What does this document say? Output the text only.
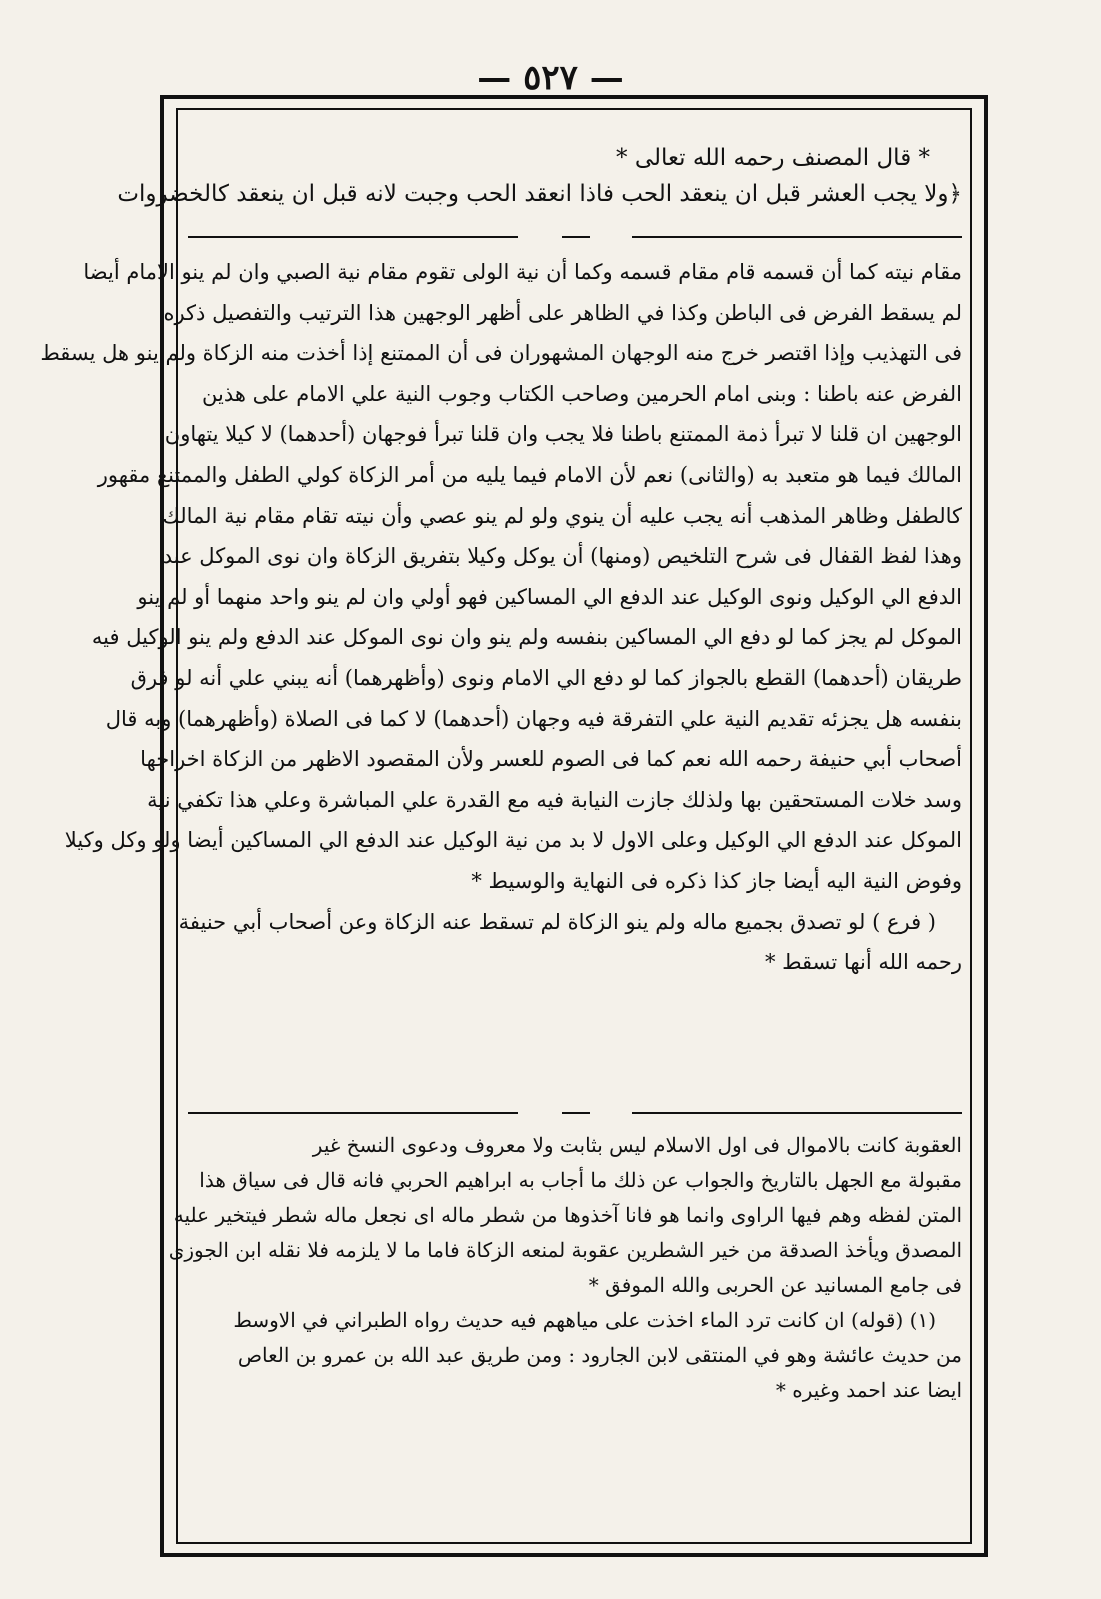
— ٥٢٧ —
* قال المصنف رحمه الله تعالى *
﴿ولا يجب العشر قبل ان ينعقد الحب فاذا انعقد الحب وجبت لانه قبل ان ينعقد كالخضروات
مقام نيته كما أن قسمه قام مقام قسمه وكما أن نية الولى تقوم مقام نية الصبي وان لم ينو الامام أيضا
لم يسقط الفرض فى الباطن وكذا في الظاهر على أظهر الوجهين هذا الترتيب والتفصيل ذكره
فى التهذيب وإذا اقتصر خرج منه الوجهان المشهوران فى أن الممتنع إذا أخذت منه الزكاة ولم ينو هل يسقط
الفرض عنه باطنا : وبنى امام الحرمين وصاحب الكتاب وجوب النية علي الامام على هذين
الوجهين ان قلنا لا تبرأ ذمة الممتنع باطنا فلا يجب وان قلنا تبرأ فوجهان (أحدهما) لا كيلا يتهاون
المالك فيما هو متعبد به (والثانى) نعم لأن الامام فيما يليه من أمر الزكاة كولي الطفل والممتنع مقهور
كالطفل وظاهر المذهب أنه يجب عليه أن ينوي ولو لم ينو عصي وأن نيته تقام مقام نية المالك
وهذا لفظ القفال فى شرح التلخيص (ومنها) أن يوكل وكيلا بتفريق الزكاة وان نوى الموكل عند
الدفع الي الوكيل ونوى الوكيل عند الدفع الي المساكين فهو أولي وان لم ينو واحد منهما أو لم ينو
الموكل لم يجز كما لو دفع الي المساكين بنفسه ولم ينو وان نوى الموكل عند الدفع ولم ينو الوكيل فيه
طريقان (أحدهما) القطع بالجواز كما لو دفع الي الامام ونوى (وأظهرهما) أنه يبني علي أنه لو فرق
بنفسه هل يجزئه تقديم النية علي التفرقة فيه وجهان (أحدهما) لا كما فى الصلاة (وأظهرهما) وبه قال
أصحاب أبي حنيفة رحمه الله نعم كما فى الصوم للعسر ولأن المقصود الاظهر من الزكاة اخراجها
وسد خلات المستحقين بها ولذلك جازت النيابة فيه مع القدرة علي المباشرة وعلي هذا تكفي نية
الموكل عند الدفع الي الوكيل وعلى الاول لا بد من نية الوكيل عند الدفع الي المساكين أيضا ولو وكل وكيلا
وفوض النية اليه أيضا جاز كذا ذكره فى النهاية والوسيط *
( فرع ) لو تصدق بجميع ماله ولم ينو الزكاة لم تسقط عنه الزكاة وعن أصحاب أبي حنيفة
رحمه الله أنها تسقط *
العقوبة كانت بالاموال فى اول الاسلام ليس بثابت ولا معروف ودعوى النسخ غير
مقبولة مع الجهل بالتاريخ والجواب عن ذلك ما أجاب به ابراهيم الحربي فانه قال فى سياق هذا
المتن لفظه وهم فيها الراوى وانما هو فانا آخذوها من شطر ماله اى نجعل ماله شطر فيتخير عليه
المصدق ويأخذ الصدقة من خير الشطرين عقوبة لمنعه الزكاة فاما ما لا يلزمه فلا نقله ابن الجوزى
فى جامع المسانيد عن الحربى والله الموفق *
(١) (قوله) ان كانت ترد الماء اخذت على مياههم فيه حديث رواه الطبراني في الاوسط
من حديث عائشة وهو في المنتقى لابن الجارود : ومن طريق عبد الله بن عمرو بن العاص
ايضا عند احمد وغيره *
